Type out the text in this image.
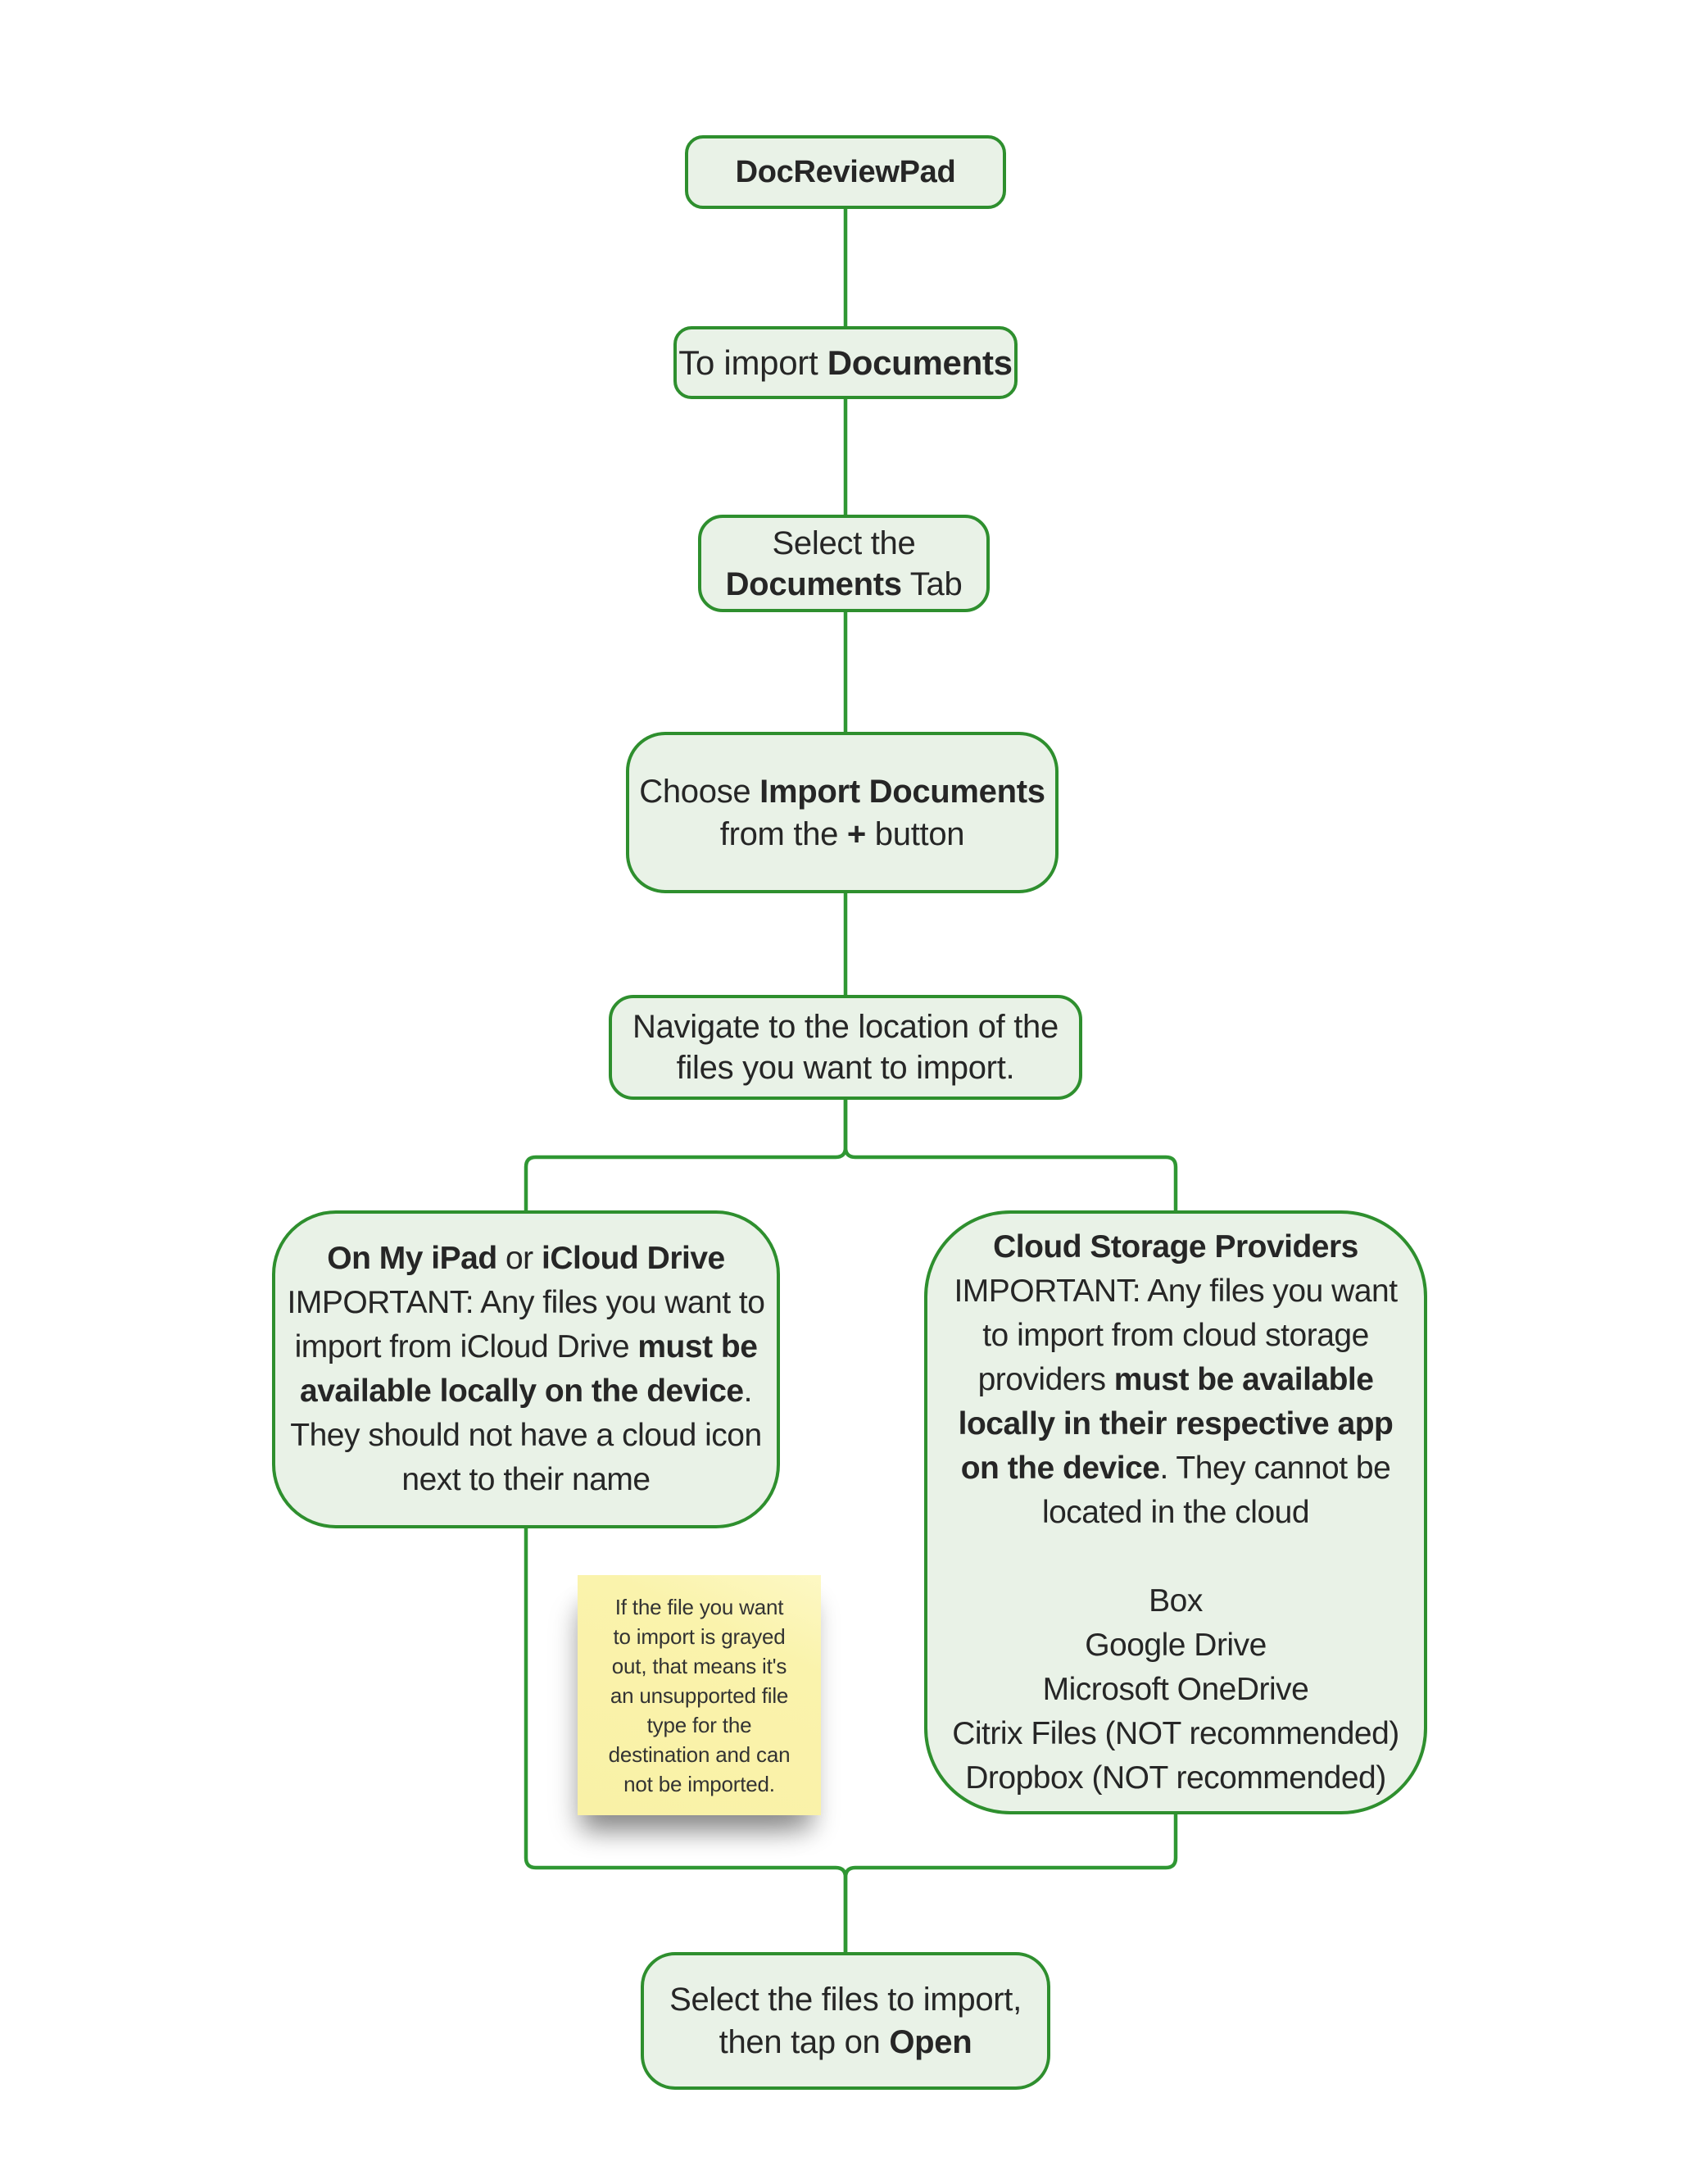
DocReviewPad
To import Documents
Select the
Documents Tab
Choose Import Documents
from the + button
Navigate to the location of the
files you want to import.
On My iPad or iCloud Drive
IMPORTANT: Any files you want to
import from iCloud Drive must be
available locally on the device.
They should not have a cloud icon
next to their name
Cloud Storage Providers
IMPORTANT: Any files you want
to import from cloud storage
providers must be available
locally in their respective app
on the device. They cannot be
located in the cloud
Box
Google Drive
Microsoft OneDrive
Citrix Files (NOT recommended)
Dropbox (NOT recommended)
If the file you want
to import is grayed
out, that means it's
an unsupported file
type for the
destination and can
not be imported.
Select the files to import,
then tap on Open
